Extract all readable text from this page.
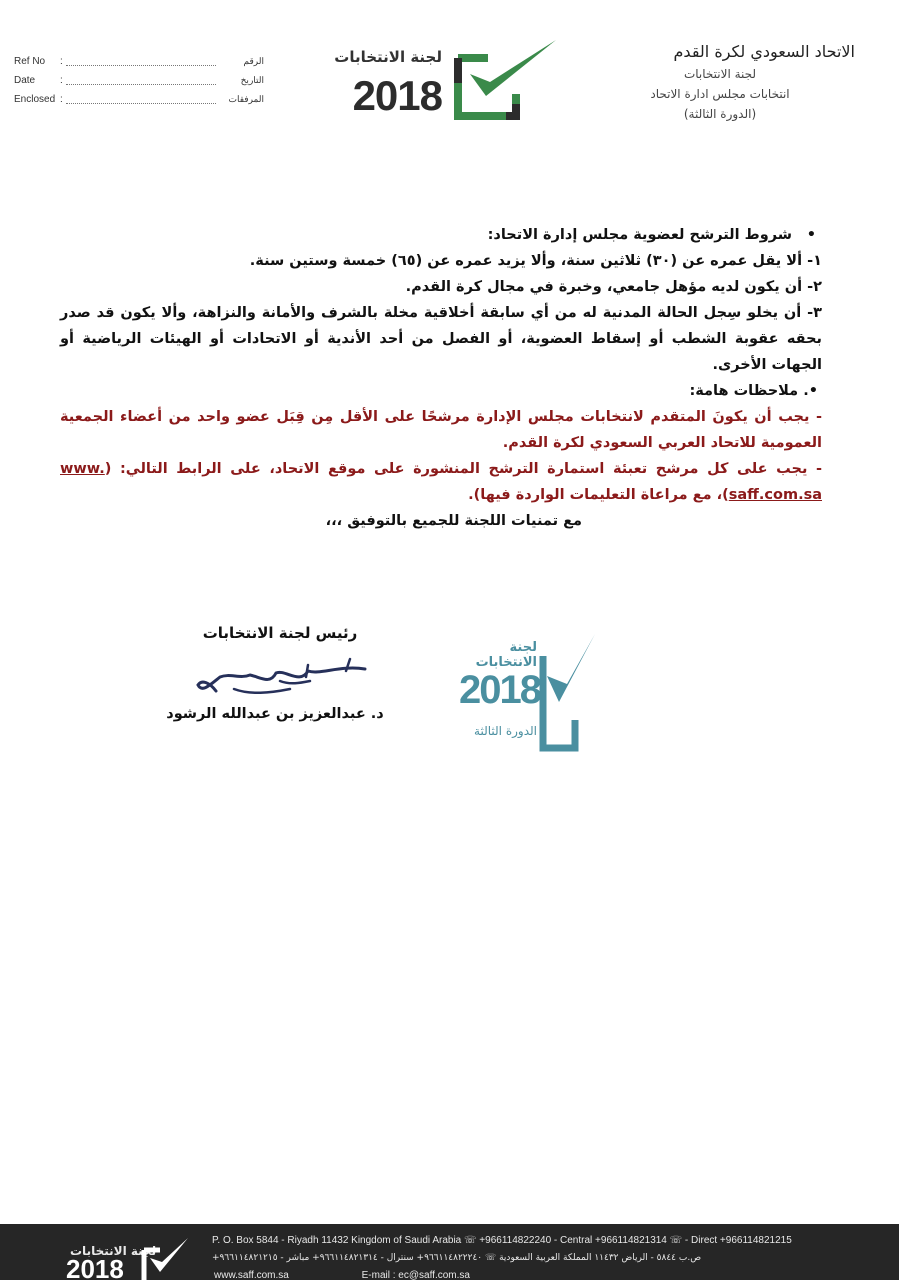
Ref No :	الرقم
Date :	التاريخ
Enclosed :	المرفقات
لجنة الانتخابات
2018
الاتحاد السعودي لكرة القدم
لجنة الانتخابات
انتخابات مجلس ادارة الاتحاد
(الدورة الثالثة)
• شروط الترشح لعضوية مجلس إدارة الاتحاد:
١- ألا يقل عمره عن (٣٠) ثلاثين سنة، وألا يزيد عمره عن (٦٥) خمسة وستين سنة.
٢- أن يكون لديه مؤهل جامعي، وخبرة في مجال كرة القدم.
٣- أن يخلو سِجل الحالة المدنية له من أي سابقة أخلاقية مخلة بالشرف والأمانة والنزاهة، وألا يكون قد صدر بحقه عقوبة الشطب أو إسقاط العضوية، أو الفصل من أحد الأندية أو الاتحادات أو الهيئات الرياضية أو الجهات الأخرى.
•. ملاحظات هامة:
- يجب أن يكونَ المتقدم لانتخابات مجلس الإدارة مرشحًا على الأقل مِن قِبَل عضو واحد من أعضاء الجمعية العمومية للاتحاد العربي السعودي لكرة القدم.
- يجب على كل مرشح تعبئة استمارة الترشح المنشورة على موقع الاتحاد، على الرابط التالي: (www. saff.com.sa)، مع مراعاة التعليمات الواردة فيها).
مع تمنيات اللجنة للجميع بالتوفيق ،،،
رئيس لجنة الانتخابات
د. عبدالعزيز بن عبدالله الرشود
لجنة الانتخابات
2018
الدورة الثالثة
لجنة الانتخابات
2018
P. O. Box 5844 - Riyadh 11432 Kingdom of Saudi Arabia ☏ +966114822240 - Central +966114821314 ☏ - Direct +966114821215
ص.ب ٥٨٤٤ - الرياض ١١٤٣٢ المملكة العربية السعودية ☏ ٩٦٦١١٤٨٢٢٢٤٠+ سنترال - ٩٦٦١١٤٨٢١٣١٤+ مباشر - ٩٦٦١١٤٨٢١٢١٥+
www.saff.com.sa	E-mail : ec@saff.com.sa
